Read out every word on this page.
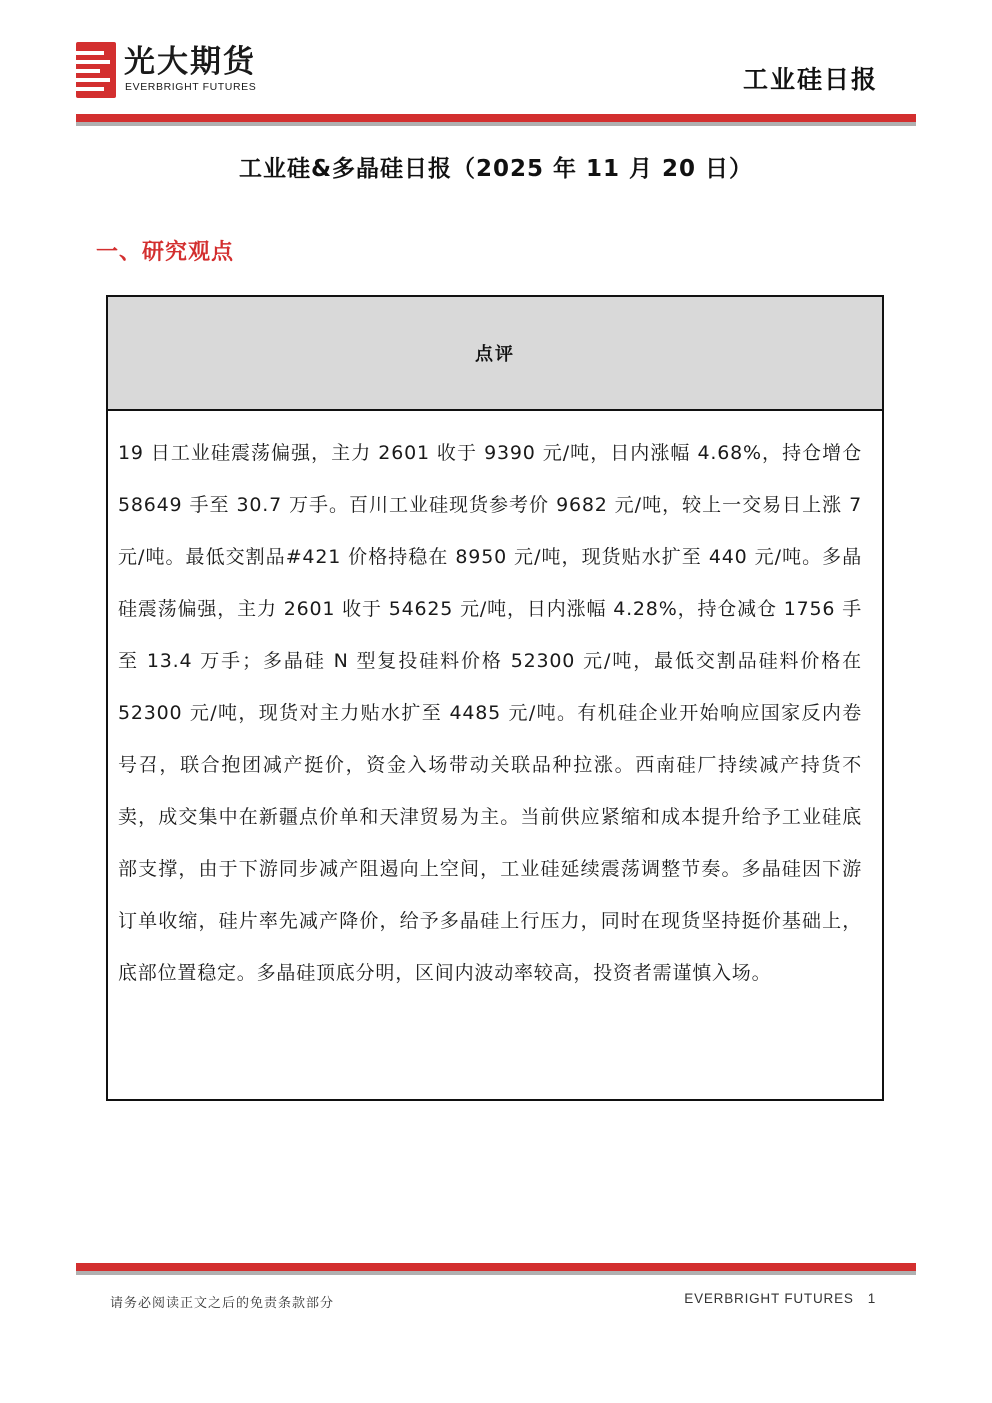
光大期货
EVERBRIGHT FUTURES	工业硅日报
工业硅&多晶硅日报（2025 年 11 月 20 日）
一、研究观点
点评
19 日工业硅震荡偏强，主力 2601 收于 9390 元/吨，日内涨幅 4.68%，持仓增仓 58649 手至 30.7 万手。百川工业硅现货参考价 9682 元/吨，较上一交易日上涨 7 元/吨。最低交割品#421 价格持稳在 8950 元/吨，现货贴水扩至 440 元/吨。多晶硅震荡偏强，主力 2601 收于 54625 元/吨，日内涨幅 4.28%，持仓减仓 1756 手至 13.4 万手；多晶硅 N 型复投硅料价格 52300 元/吨，最低交割品硅料价格在 52300 元/吨，现货对主力贴水扩至 4485 元/吨。有机硅企业开始响应国家反内卷号召，联合抱团减产挺价，资金入场带动关联品种拉涨。西南硅厂持续减产持货不卖，成交集中在新疆点价单和天津贸易为主。当前供应紧缩和成本提升给予工业硅底部支撑，由于下游同步减产阻遏向上空间，工业硅延续震荡调整节奏。多晶硅因下游订单收缩，硅片率先减产降价，给予多晶硅上行压力，同时在现货坚持挺价基础上，底部位置稳定。多晶硅顶底分明，区间内波动率较高，投资者需谨慎入场。
请务必阅读正文之后的免责条款部分	EVERBRIGHT FUTURES 1
